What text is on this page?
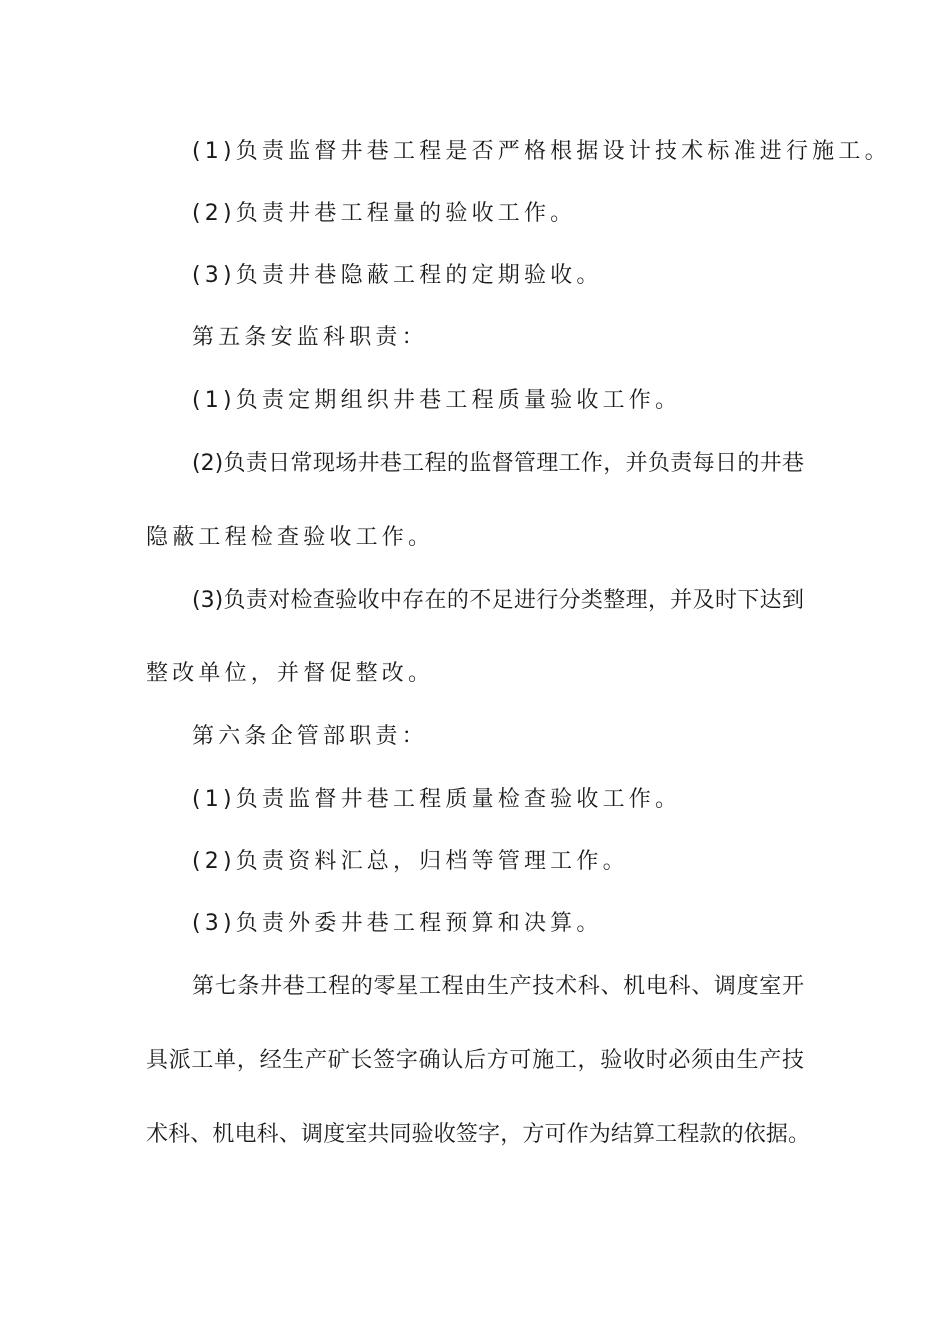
(1)负责监督井巷工程是否严格根据设计技术标准进行施工。
(2)负责井巷工程量的验收工作。
(3)负责井巷隐蔽工程的定期验收。
第五条安监科职责：
(1)负责定期组织井巷工程质量验收工作。
(2)负责日常现场井巷工程的监督管理工作，并负责每日的井巷
隐蔽工程检查验收工作。
(3)负责对检查验收中存在的不足进行分类整理，并及时下达到
整改单位，并督促整改。
第六条企管部职责：
(1)负责监督井巷工程质量检查验收工作。
(2)负责资料汇总，归档等管理工作。
(3)负责外委井巷工程预算和决算。
第七条井巷工程的零星工程由生产技术科、机电科、调度室开
具派工单，经生产矿长签字确认后方可施工，验收时必须由生产技
术科、机电科、调度室共同验收签字，方可作为结算工程款的依据。
